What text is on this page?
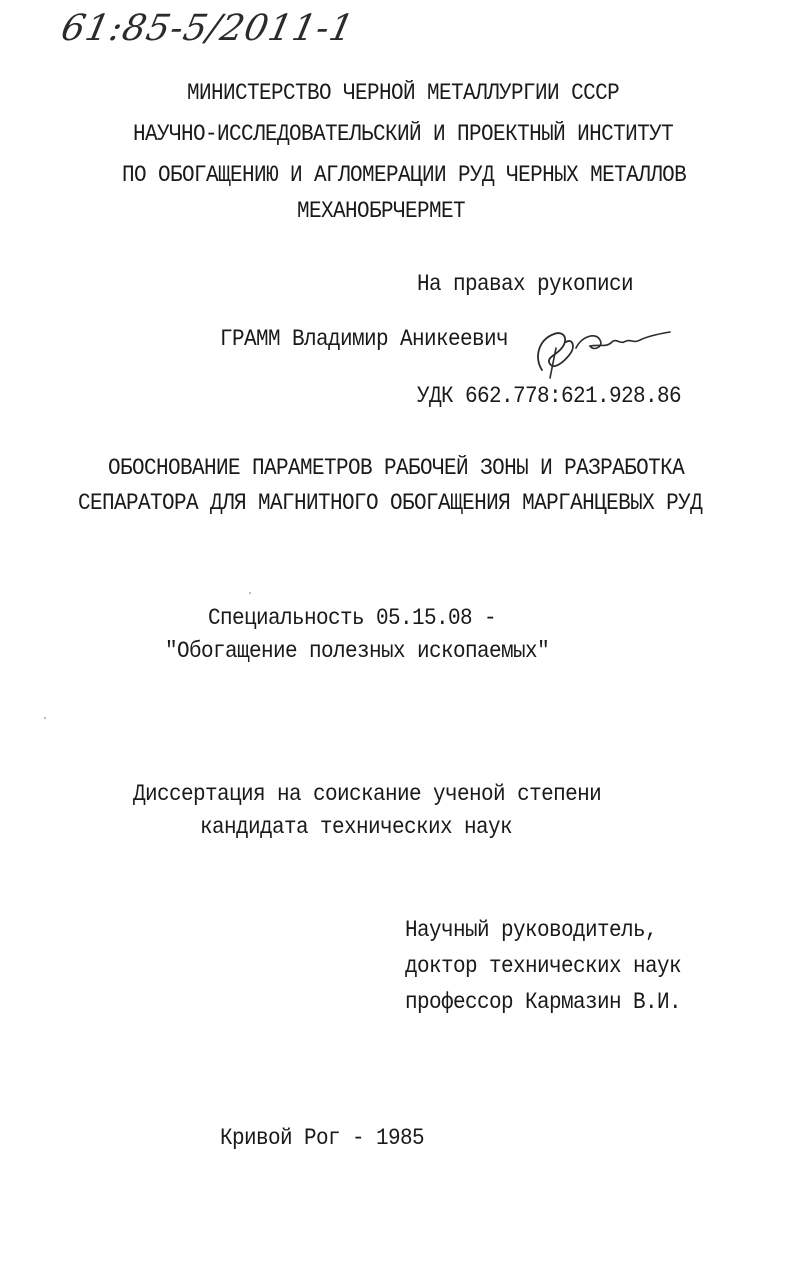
61:85-5/2011-1
МИНИСТЕРСТВО ЧЕРНОЙ МЕТАЛЛУРГИИ СССР
НАУЧНО-ИССЛЕДОВАТЕЛЬСКИЙ И ПРОЕКТНЫЙ ИНСТИТУТ
ПО ОБОГАЩЕНИЮ И АГЛОМЕРАЦИИ РУД ЧЕРНЫХ МЕТАЛЛОВ
МЕХАНОБРЧЕРМЕТ
На правах рукописи
ГРАММ Владимир Аникеевич
УДК 662.778:621.928.86
ОБОСНОВАНИЕ ПАРАМЕТРОВ РАБОЧЕЙ ЗОНЫ И РАЗРАБОТКА
СЕПАРАТОРА ДЛЯ МАГНИТНОГО ОБОГАЩЕНИЯ МАРГАНЦЕВЫХ РУД
Специальность 05.15.08 -
"Обогащение полезных ископаемых"
Диссертация на соискание ученой степени
кандидата технических наук
Научный руководитель,
доктор технических наук
профессор Кармазин В.И.
Кривой Рог - 1985
